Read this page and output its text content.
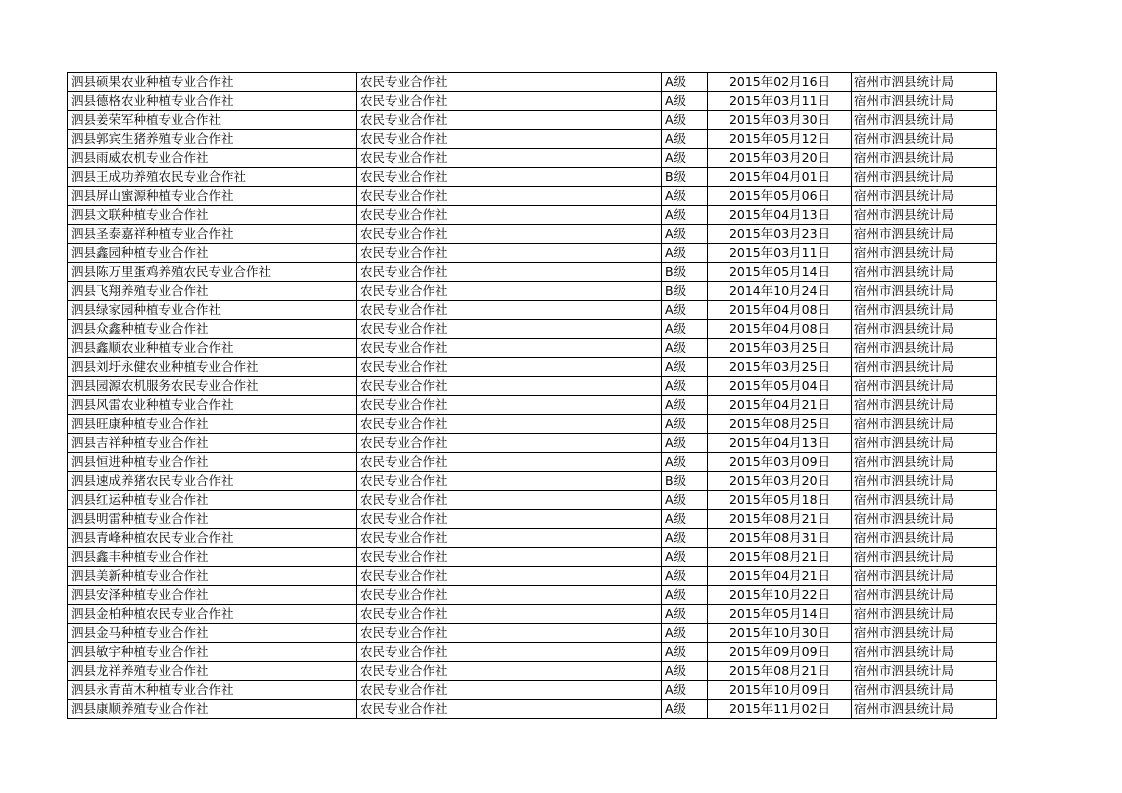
泗县硕果农业种植专业合作社	农民专业合作社	A级	2015年02月16日	宿州市泗县统计局
泗县德格农业种植专业合作社	农民专业合作社	A级	2015年03月11日	宿州市泗县统计局
泗县姜荣军种植专业合作社	农民专业合作社	A级	2015年03月30日	宿州市泗县统计局
泗县郭宾生猪养殖专业合作社	农民专业合作社	A级	2015年05月12日	宿州市泗县统计局
泗县雨威农机专业合作社	农民专业合作社	A级	2015年03月20日	宿州市泗县统计局
泗县王成功养殖农民专业合作社	农民专业合作社	B级	2015年04月01日	宿州市泗县统计局
泗县屏山蜜源种植专业合作社	农民专业合作社	A级	2015年05月06日	宿州市泗县统计局
泗县文联种植专业合作社	农民专业合作社	A级	2015年04月13日	宿州市泗县统计局
泗县圣泰嘉祥种植专业合作社	农民专业合作社	A级	2015年03月23日	宿州市泗县统计局
泗县鑫园种植专业合作社	农民专业合作社	A级	2015年03月11日	宿州市泗县统计局
泗县陈万里蛋鸡养殖农民专业合作社	农民专业合作社	B级	2015年05月14日	宿州市泗县统计局
泗县飞翔养殖专业合作社	农民专业合作社	B级	2014年10月24日	宿州市泗县统计局
泗县绿家园种植专业合作社	农民专业合作社	A级	2015年04月08日	宿州市泗县统计局
泗县众鑫种植专业合作社	农民专业合作社	A级	2015年04月08日	宿州市泗县统计局
泗县鑫顺农业种植专业合作社	农民专业合作社	A级	2015年03月25日	宿州市泗县统计局
泗县刘圩永健农业种植专业合作社	农民专业合作社	A级	2015年03月25日	宿州市泗县统计局
泗县园源农机服务农民专业合作社	农民专业合作社	A级	2015年05月04日	宿州市泗县统计局
泗县风雷农业种植专业合作社	农民专业合作社	A级	2015年04月21日	宿州市泗县统计局
泗县旺康种植专业合作社	农民专业合作社	A级	2015年08月25日	宿州市泗县统计局
泗县吉祥种植专业合作社	农民专业合作社	A级	2015年04月13日	宿州市泗县统计局
泗县恒进种植专业合作社	农民专业合作社	A级	2015年03月09日	宿州市泗县统计局
泗县速成养猪农民专业合作社	农民专业合作社	B级	2015年03月20日	宿州市泗县统计局
泗县红运种植专业合作社	农民专业合作社	A级	2015年05月18日	宿州市泗县统计局
泗县明雷种植专业合作社	农民专业合作社	A级	2015年08月21日	宿州市泗县统计局
泗县青峰种植农民专业合作社	农民专业合作社	A级	2015年08月31日	宿州市泗县统计局
泗县鑫丰种植专业合作社	农民专业合作社	A级	2015年08月21日	宿州市泗县统计局
泗县美新种植专业合作社	农民专业合作社	A级	2015年04月21日	宿州市泗县统计局
泗县安泽种植专业合作社	农民专业合作社	A级	2015年10月22日	宿州市泗县统计局
泗县金柏种植农民专业合作社	农民专业合作社	A级	2015年05月14日	宿州市泗县统计局
泗县金马种植专业合作社	农民专业合作社	A级	2015年10月30日	宿州市泗县统计局
泗县敏宇种植专业合作社	农民专业合作社	A级	2015年09月09日	宿州市泗县统计局
泗县龙祥养殖专业合作社	农民专业合作社	A级	2015年08月21日	宿州市泗县统计局
泗县永青苗木种植专业合作社	农民专业合作社	A级	2015年10月09日	宿州市泗县统计局
泗县康顺养殖专业合作社	农民专业合作社	A级	2015年11月02日	宿州市泗县统计局
